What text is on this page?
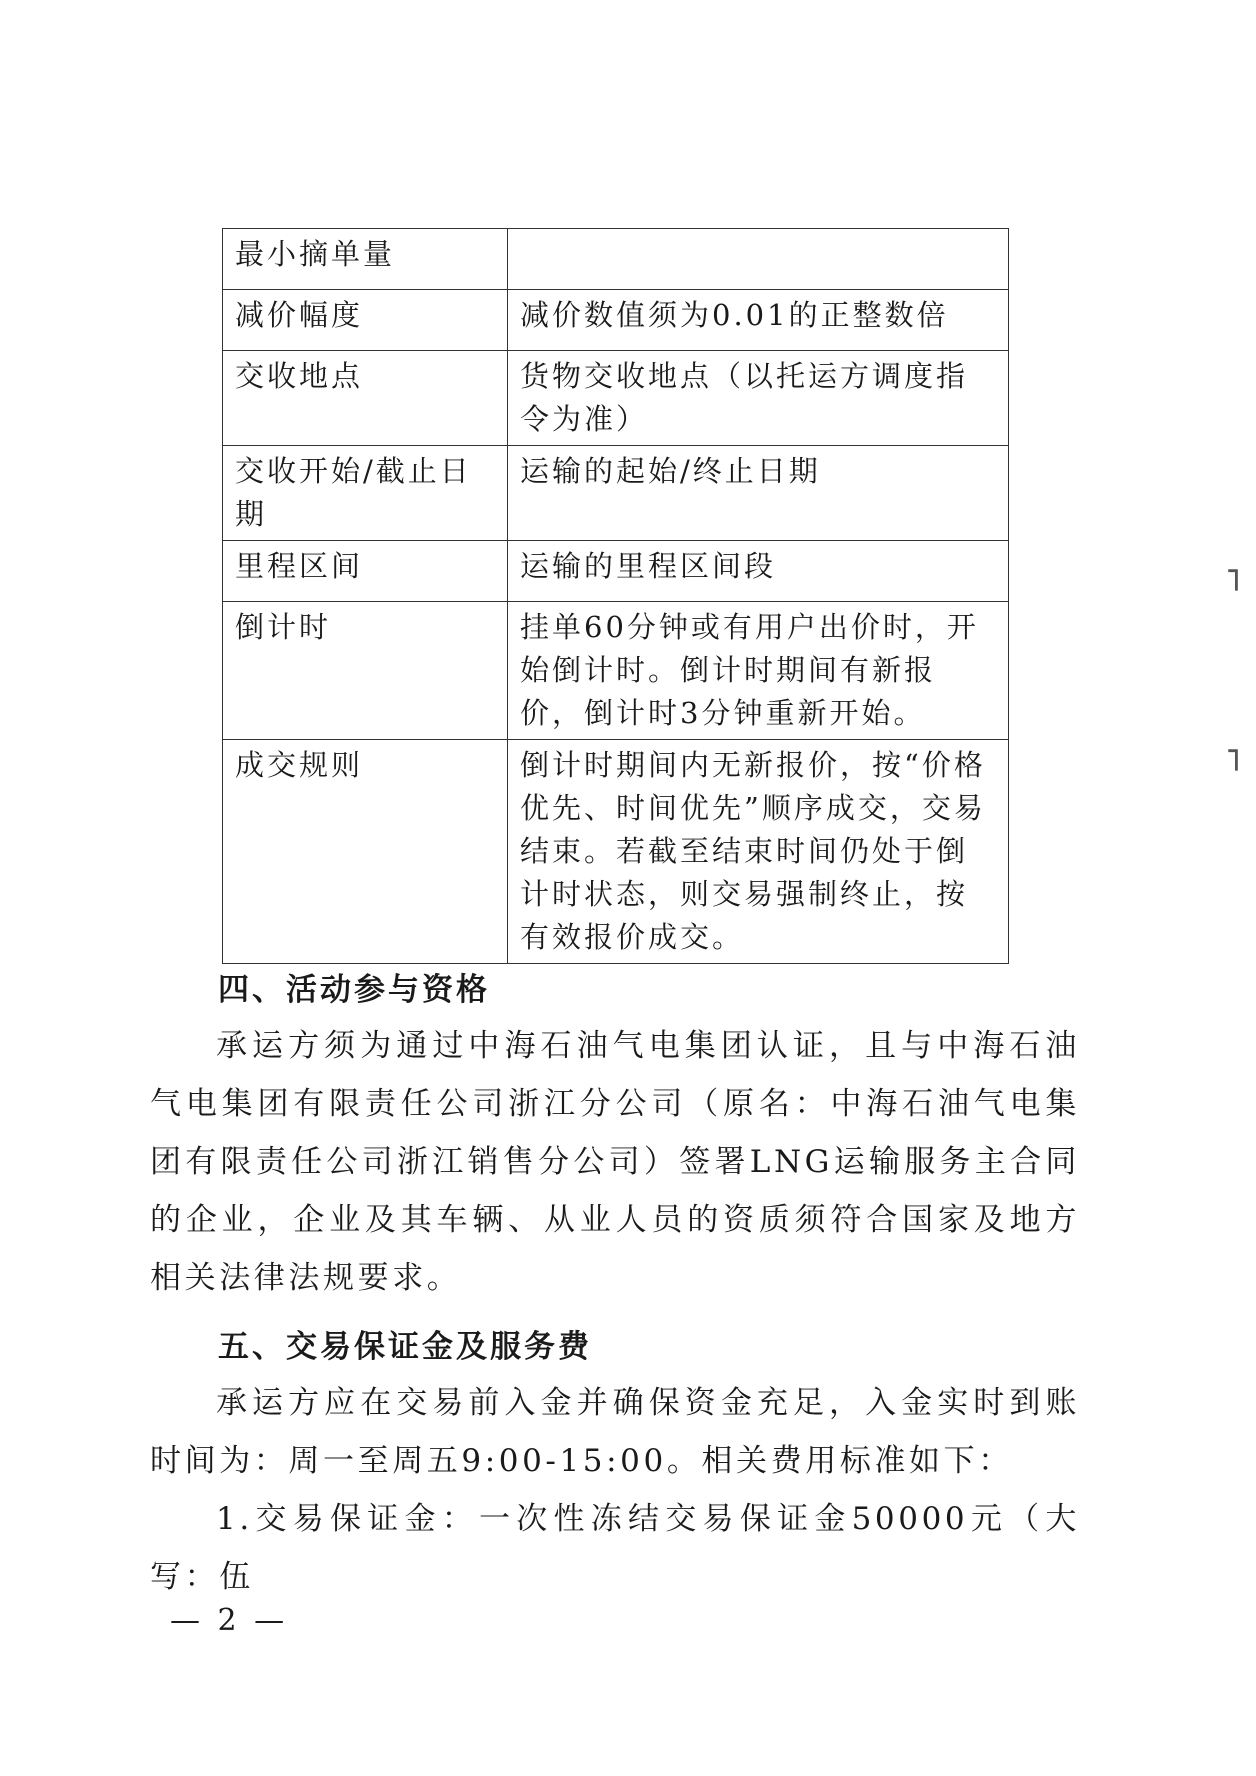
最小摘单量	
减价幅度	减价数值须为0.01的正整数倍
交收地点	货物交收地点（以托运方调度指令为准）
交收开始/截止日期	运输的起始/终止日期
里程区间	运输的里程区间段
倒计时	挂单60分钟或有用户出价时，开始倒计时。倒计时期间有新报价，倒计时3分钟重新开始。
成交规则	倒计时期间内无新报价，按“价格优先、时间优先”顺序成交，交易结束。若截至结束时间仍处于倒计时状态，则交易强制终止，按有效报价成交。
四、活动参与资格

承运方须为通过中海石油气电集团认证，且与中海石油气电集团有限责任公司浙江分公司（原名：中海石油气电集团有限责任公司浙江销售分公司）签署LNG运输服务主合同的企业，企业及其车辆、从业人员的资质须符合国家及地方相关法律法规要求。

五、交易保证金及服务费

承运方应在交易前入金并确保资金充足，入金实时到账时间为：周一至周五9:00-15:00。相关费用标准如下：

1.交易保证金：一次性冻结交易保证金50000元（大写：伍

— 2 —
⌐
⌐
